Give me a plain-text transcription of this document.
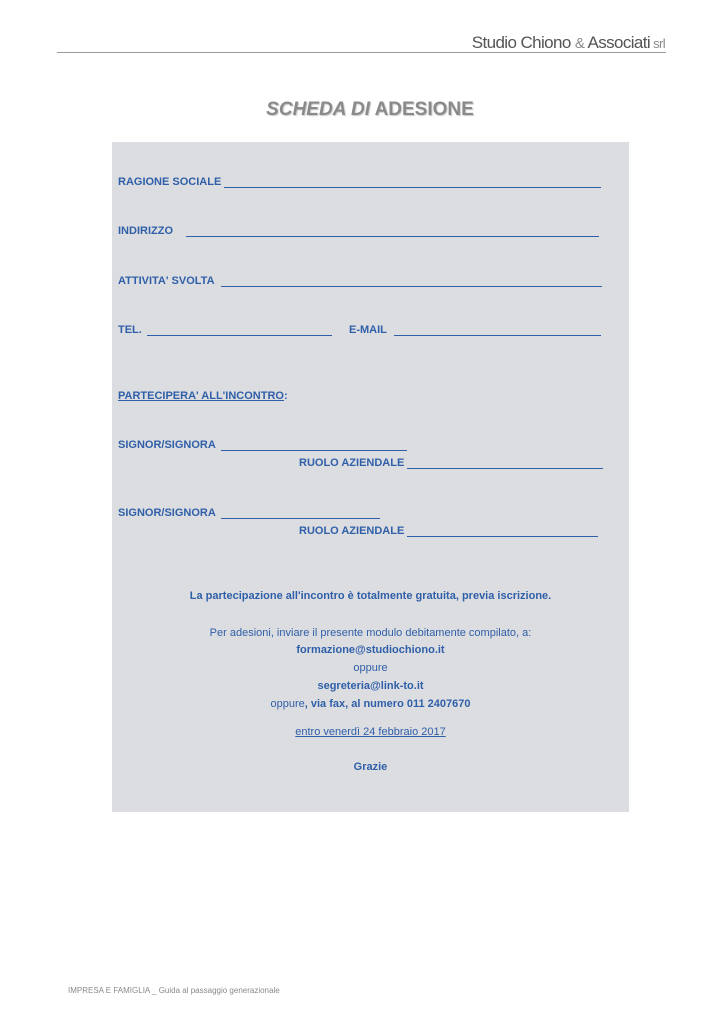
Studio Chiono & Associati srl
SCHEDA DI ADESIONE
RAGIONE SOCIALE
INDIRIZZO
ATTIVITA' SVOLTA
TEL.	E-MAIL
PARTECIPERA' ALL'INCONTRO:
SIGNOR/SIGNORA
RUOLO AZIENDALE
SIGNOR/SIGNORA
RUOLO AZIENDALE
La partecipazione all'incontro è totalmente gratuita, previa iscrizione.
Per adesioni, inviare il presente modulo debitamente compilato, a:
formazione@studiochiono.it
oppure
segreteria@link-to.it
oppure, via fax, al numero 011 2407670
entro venerdì 24 febbraio 2017
Grazie
IMPRESA E FAMIGLIA _ Guida al passaggio generazionale
